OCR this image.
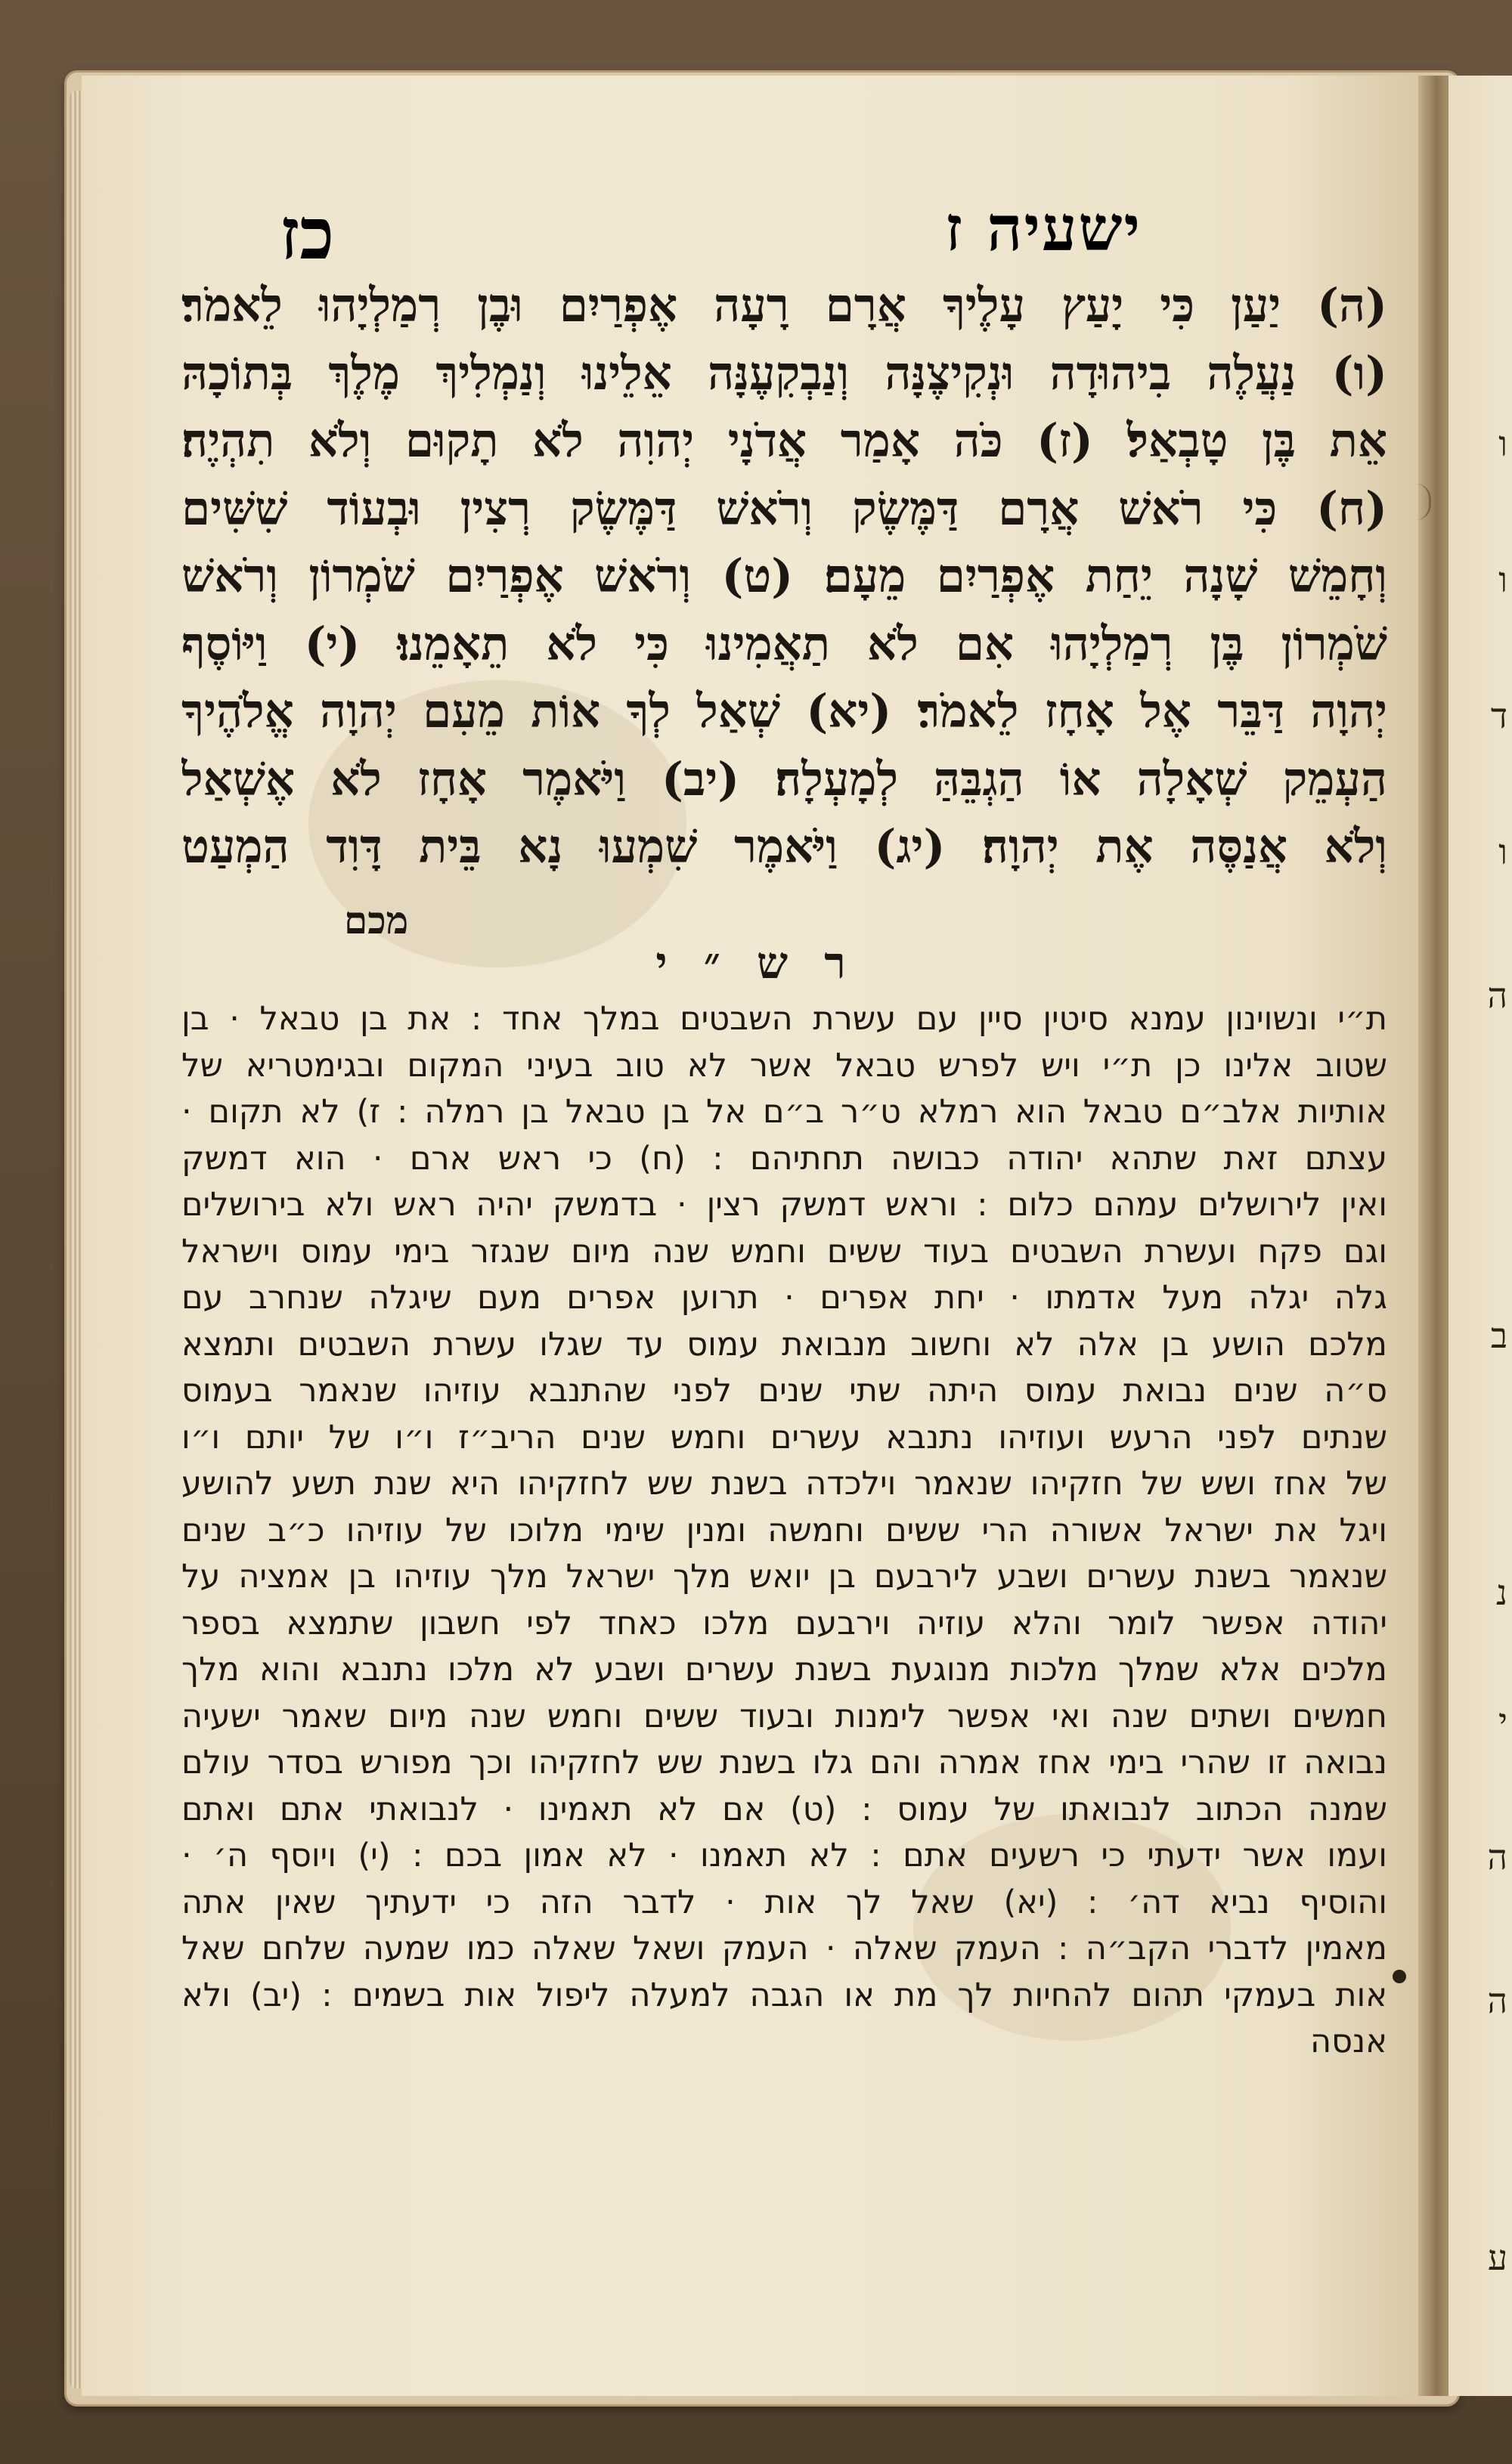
ו
ו
ד
ו
ה
ב
נ
י
ה
ה
ע
ישעיה ז
כז
(ה) יַעַן כִּי יָעַץ עָלֶיךָ אֲרָם רָעָה אֶפְרַיִם וּבֶן רְמַלְיָהוּ לֵאמֹר׃
(ו) נַעֲלֶה בִיהוּדָה וּנְקִיצֶנָּה וְנַבְקִעֶנָּה אֵלֵינוּ וְנַמְלִיךְ מֶלֶךְ בְּתוֹכָהּ
אֵת בֶּן טָבְאַל׃ (ז) כֹּה אָמַר אֲדֹנָי יְהוִה לֹא תָקוּם וְלֹא תִהְיֶה׃
(ח) כִּי רֹאשׁ אֲרָם דַּמֶּשֶׂק וְרֹאשׁ דַּמֶּשֶׂק רְצִין וּבְעוֹד שִׁשִּׁים
וְחָמֵשׁ שָׁנָה יֵחַת אֶפְרַיִם מֵעָם׃ (ט) וְרֹאשׁ אֶפְרַיִם שֹׁמְרוֹן וְרֹאשׁ
שֹׁמְרוֹן בֶּן רְמַלְיָהוּ אִם לֹא תַאֲמִינוּ כִּי לֹא תֵאָמֵנוּ׃ (י) וַיּוֹסֶף
יְהוָה דַּבֵּר אֶל אָחָז לֵאמֹר׃ (יא) שְׁאַל לְךָ אוֹת מֵעִם יְהוָה אֱלֹהֶיךָ
הַעְמֵק שְׁאָלָה אוֹ הַגְבֵּהַּ לְמָעְלָה׃ (יב) וַיֹּאמֶר אָחָז לֹא אֶשְׁאַל
וְלֹא אֲנַסֶּה אֶת יְהוָה׃ (יג) וַיֹּאמֶר שִׁמְעוּ נָא בֵּית דָּוִד הַמְעַט
מכם
ר ש ״ י
ת״י ונשוינון עמנא סיטין סיין עם עשרת השבטים במלך אחד : את בן טבאל · בן
שטוב אלינו כן ת״י ויש לפרש טבאל אשר לא טוב בעיני המקום ובגימטריא של
אותיות אלב״ם טבאל הוא רמלא ט״ר ב״ם אל בן טבאל בן רמלה : ז) לא תקום ·
עצתם זאת שתהא יהודה כבושה תחתיהם : (ח) כי ראש ארם · הוא דמשק
ואין לירושלים עמהם כלום : וראש דמשק רצין · בדמשק יהיה ראש ולא בירושלים
וגם פקח ועשרת השבטים בעוד ששים וחמש שנה מיום שנגזר בימי עמוס וישראל
גלה יגלה מעל אדמתו · יחת אפרים · תרוען אפרים מעם שיגלה שנחרב עם
מלכם הושע בן אלה לא וחשוב מנבואת עמוס עד שגלו עשרת השבטים ותמצא
ס״ה שנים נבואת עמוס היתה שתי שנים לפני שהתנבא עוזיהו שנאמר בעמוס
שנתים לפני הרעש ועוזיהו נתנבא עשרים וחמש שנים הריב״ז ו״ו של יותם ו״ו
של אחז ושש של חזקיהו שנאמר וילכדה בשנת שש לחזקיהו היא שנת תשע להושע
ויגל את ישראל אשורה הרי ששים וחמשה ומנין שימי מלוכו של עוזיהו כ״ב שנים
שנאמר בשנת עשרים ושבע לירבעם בן יואש מלך ישראל מלך עוזיהו בן אמציה על
יהודה אפשר לומר והלא עוזיה וירבעם מלכו כאחד לפי חשבון שתמצא בספר
מלכים אלא שמלך מלכות מנוגעת בשנת עשרים ושבע לא מלכו נתנבא והוא מלך
חמשים ושתים שנה ואי אפשר לימנות ובעוד ששים וחמש שנה מיום שאמר ישעיה
נבואה זו שהרי בימי אחז אמרה והם גלו בשנת שש לחזקיהו וכך מפורש בסדר עולם
שמנה הכתוב לנבואתו של עמוס : (ט) אם לא תאמינו · לנבואתי אתם ואתם
ועמו אשר ידעתי כי רשעים אתם : לא תאמנו · לא אמון בכם : (י) ויוסף ה׳ ·
והוסיף נביא דה׳ : (יא) שאל לך אות · לדבר הזה כי ידעתיך שאין אתה
מאמין לדברי הקב״ה : העמק שאלה · העמק ושאל שאלה כמו שמעה שלחם שאל
אות בעמקי תהום להחיות לך מת או הגבה למעלה ליפול אות בשמים : (יב) ולא
אנסה
